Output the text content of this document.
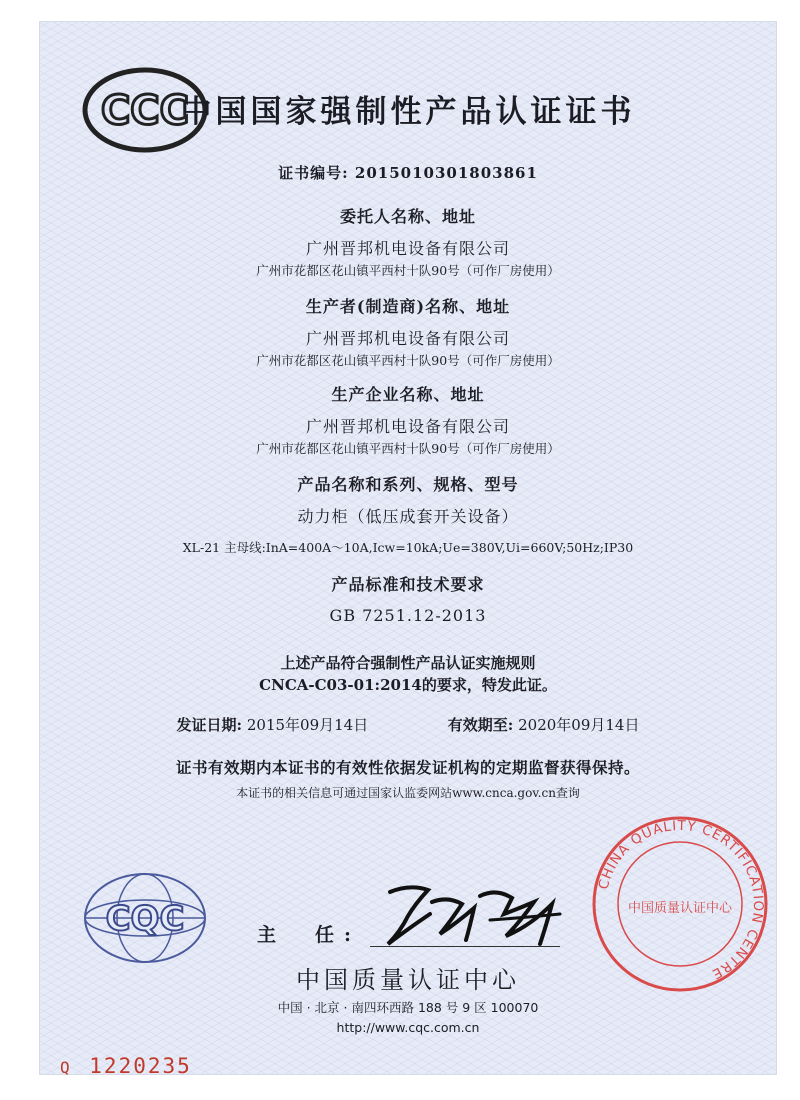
CCC
中国国家强制性产品认证证书
证书编号: 2015010301803861
委托人名称、地址
广州晋邦机电设备有限公司
广州市花都区花山镇平西村十队90号（可作厂房使用）
生产者(制造商)名称、地址
广州晋邦机电设备有限公司
广州市花都区花山镇平西村十队90号（可作厂房使用）
生产企业名称、地址
广州晋邦机电设备有限公司
广州市花都区花山镇平西村十队90号（可作厂房使用）
产品名称和系列、规格、型号
动力柜（低压成套开关设备）
XL-21 主母线:InA=400A～10A,Icw=10kA;Ue=380V,Ui=660V;50Hz;IP30
产品标准和技术要求
GB 7251.12-2013
上述产品符合强制性产品认证实施规则
CNCA-C03-01:2014的要求，特发此证。
发证日期: 2015年09月14日	有效期至: 2020年09月14日
证书有效期内本证书的有效性依据发证机构的定期监督获得保持。
本证书的相关信息可通过国家认监委网站www.cnca.gov.cn查询
CQC	主　任:
中国质量认证中心
中国 · 北京 · 南四环西路 188 号 9 区 100070
http://www.cqc.com.cn
Q 1220235
CHINA QUALITY CERTIFICATION CENTRE
中国质量认证中心
